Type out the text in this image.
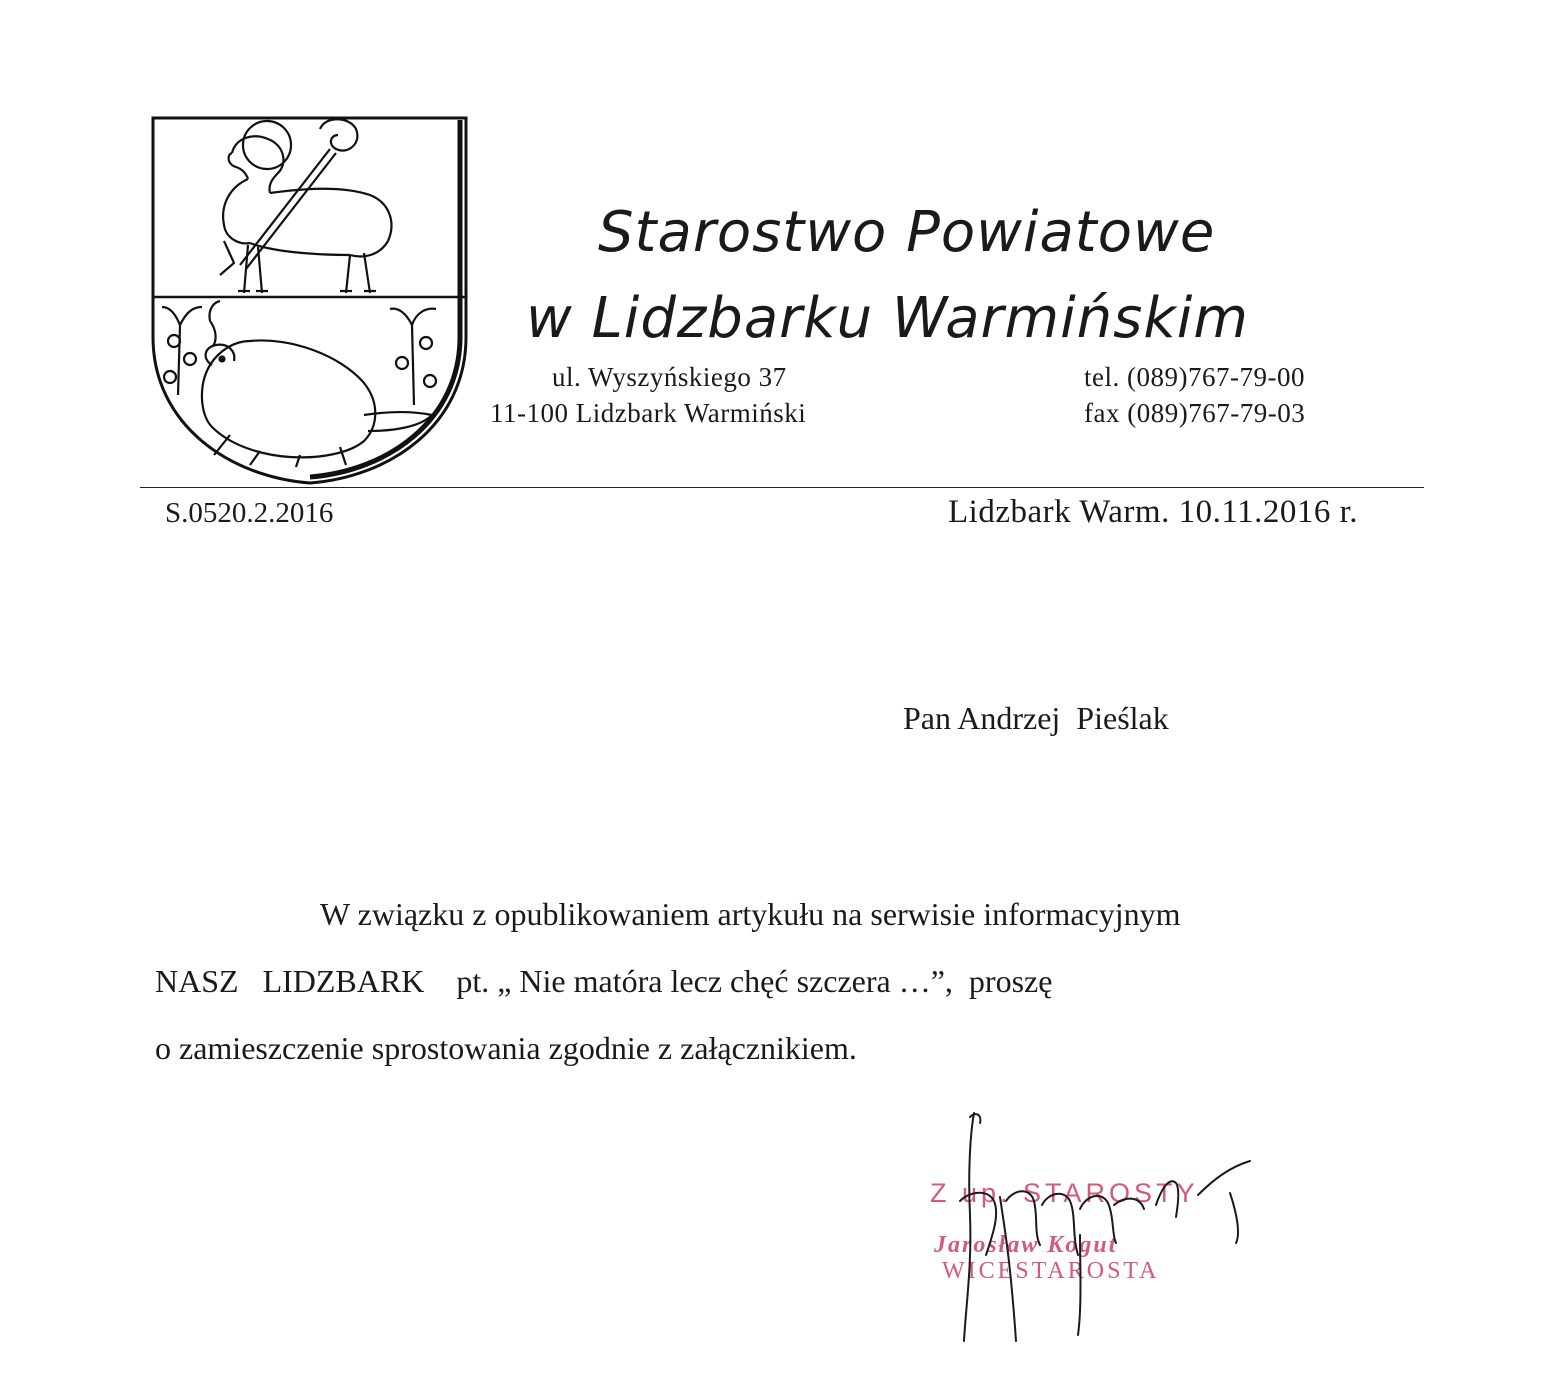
Starostwo Powiatowe
w Lidzbarku Warmińskim
ul. Wyszyńskiego 37
11-100 Lidzbark Warmiński
tel. (089)767-79-00
fax (089)767-79-03
S.0520.2.2016	Lidzbark Warm. 10.11.2016 r.
Pan Andrzej  Pieślak
W związku z opublikowaniem artykułu na serwisie informacyjnym
NASZ   LIDZBARK    pt. „ Nie matóra lecz chęć szczera …”,  proszę
o zamieszczenie sprostowania zgodnie z załącznikiem.
Z up. STAROSTY
Jarosław Kogut
WICESTAROSTA
